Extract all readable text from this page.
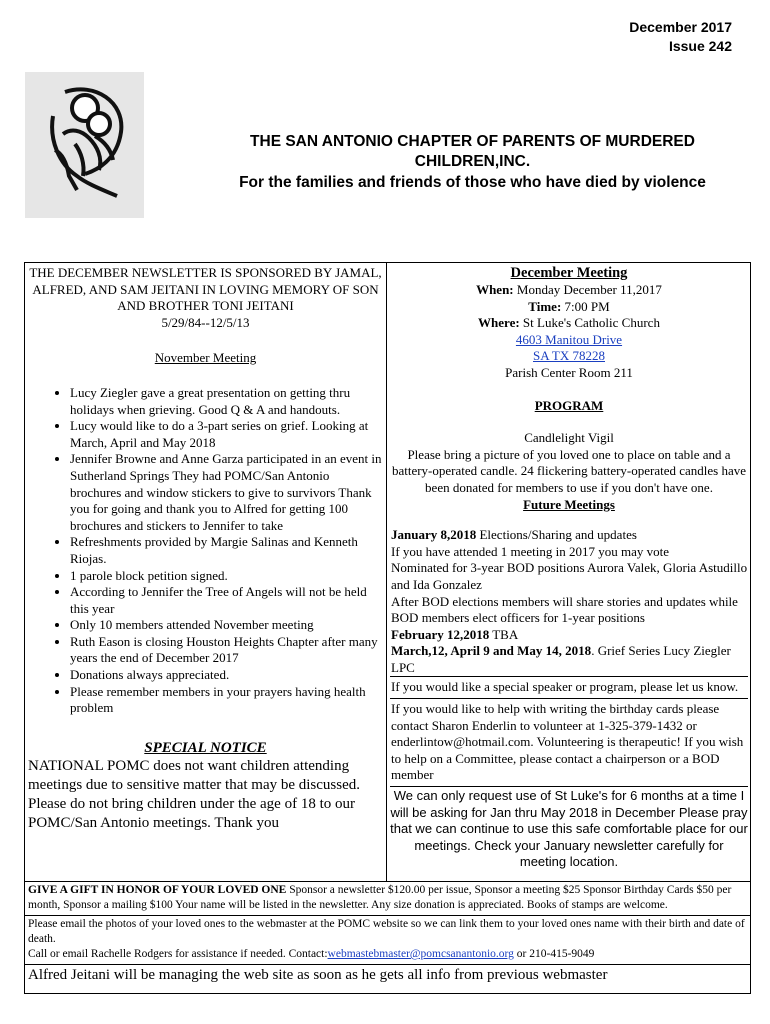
December 2017
Issue 242
THE SAN ANTONIO CHAPTER OF PARENTS OF MURDERED CHILDREN,INC.
For the families and friends of those who have died by violence
THE DECEMBER NEWSLETTER IS SPONSORED BY JAMAL, ALFRED, AND SAM JEITANI IN LOVING MEMORY OF SON AND BROTHER TONI JEITANI
5/29/84--12/5/13
November Meeting
• Lucy Ziegler gave a great presentation on getting thru holidays when grieving. Good Q & A and handouts.
• Lucy would like to do a 3-part series on grief. Looking at March, April and May 2018
• Jennifer Browne and Anne Garza participated in an event in Sutherland Springs They had POMC/San Antonio brochures and window stickers to give to survivors Thank you for going and thank you to Alfred for getting 100 brochures and stickers to Jennifer to take
• Refreshments provided by Margie Salinas and Kenneth Riojas.
• 1 parole block petition signed.
• According to Jennifer the Tree of Angels will not be held this year
• Only 10 members attended November meeting
• Ruth Eason is closing Houston Heights Chapter after many years the end of December 2017
• Donations always appreciated.
• Please remember members in your prayers having health problem
SPECIAL NOTICE
NATIONAL POMC does not want children attending meetings due to sensitive matter that may be discussed. Please do not bring children under the age of 18 to our POMC/San Antonio meetings. Thank you
December Meeting
When: Monday December 11,2017
Time: 7:00 PM
Where: St Luke's Catholic Church
4603 Manitou Drive
SA TX 78228
Parish Center Room 211
PROGRAM
Candlelight Vigil
Please bring a picture of you loved one to place on table and a battery-operated candle. 24 flickering battery-operated candles have been donated for members to use if you don't have one.
Future Meetings
January 8,2018 Elections/Sharing and updates
If you have attended 1 meeting in 2017 you may vote
Nominated for 3-year BOD positions Aurora Valek, Gloria Astudillo and Ida Gonzalez
After BOD elections members will share stories and updates while BOD members elect officers for 1-year positions
February 12,2018 TBA
March,12, April 9 and May 14, 2018. Grief Series Lucy Ziegler LPC
If you would like a special speaker or program, please let us know.
If you would like to help with writing the birthday cards please contact Sharon Enderlin to volunteer at 1-325-379-1432 or enderlintow@hotmail.com. Volunteering is therapeutic! If you wish to help on a Committee, please contact a chairperson or a BOD member
We can only request use of St Luke's for 6 months at a time I will be asking for Jan thru May 2018 in December Please pray that we can continue to use this safe comfortable place for our meetings. Check your January newsletter carefully for meeting location.
GIVE A GIFT IN HONOR OF YOUR LOVED ONE Sponsor a newsletter $120.00 per issue, Sponsor a meeting $25 Sponsor Birthday Cards $50 per month, Sponsor a mailing $100 Your name will be listed in the newsletter. Any size donation is appreciated. Books of stamps are welcome.
Please email the photos of your loved ones to the webmaster at the POMC website so we can link them to your loved ones name with their birth and date of death.
Call or email Rachelle Rodgers for assistance if needed. Contact:webmastebmaster@pomcsanantonio.org or 210-415-9049
Alfred Jeitani will be managing the web site as soon as he gets all info from previous webmaster
